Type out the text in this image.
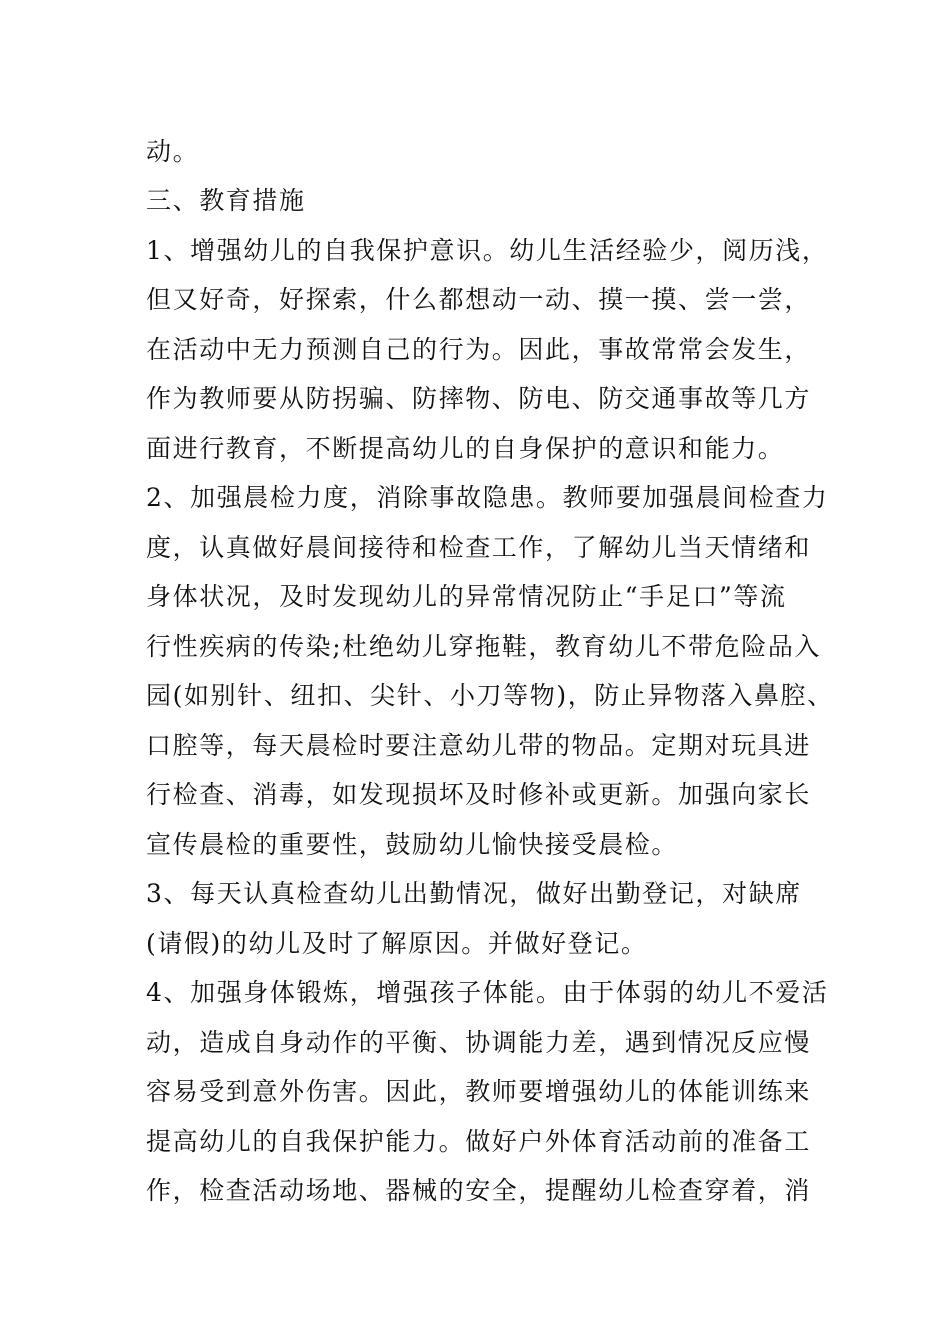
动。
三、教育措施
1、增强幼儿的自我保护意识。幼儿生活经验少，阅历浅，
但又好奇，好探索，什么都想动一动、摸一摸、尝一尝，
在活动中无力预测自己的行为。因此，事故常常会发生，
作为教师要从防拐骗、防摔物、防电、防交通事故等几方
面进行教育，不断提高幼儿的自身保护的意识和能力。
2、加强晨检力度，消除事故隐患。教师要加强晨间检查力
度，认真做好晨间接待和检查工作，了解幼儿当天情绪和
身体状况，及时发现幼儿的异常情况防止“手足口”等流
行性疾病的传染;杜绝幼儿穿拖鞋，教育幼儿不带危险品入
园(如别针、纽扣、尖针、小刀等物)，防止异物落入鼻腔、
口腔等，每天晨检时要注意幼儿带的物品。定期对玩具进
行检查、消毒，如发现损坏及时修补或更新。加强向家长
宣传晨检的重要性，鼓励幼儿愉快接受晨检。
3、每天认真检查幼儿出勤情况，做好出勤登记，对缺席
(请假)的幼儿及时了解原因。并做好登记。
4、加强身体锻炼，增强孩子体能。由于体弱的幼儿不爱活
动，造成自身动作的平衡、协调能力差，遇到情况反应慢
容易受到意外伤害。因此，教师要增强幼儿的体能训练来
提高幼儿的自我保护能力。做好户外体育活动前的准备工
作，检查活动场地、器械的安全，提醒幼儿检查穿着，消
